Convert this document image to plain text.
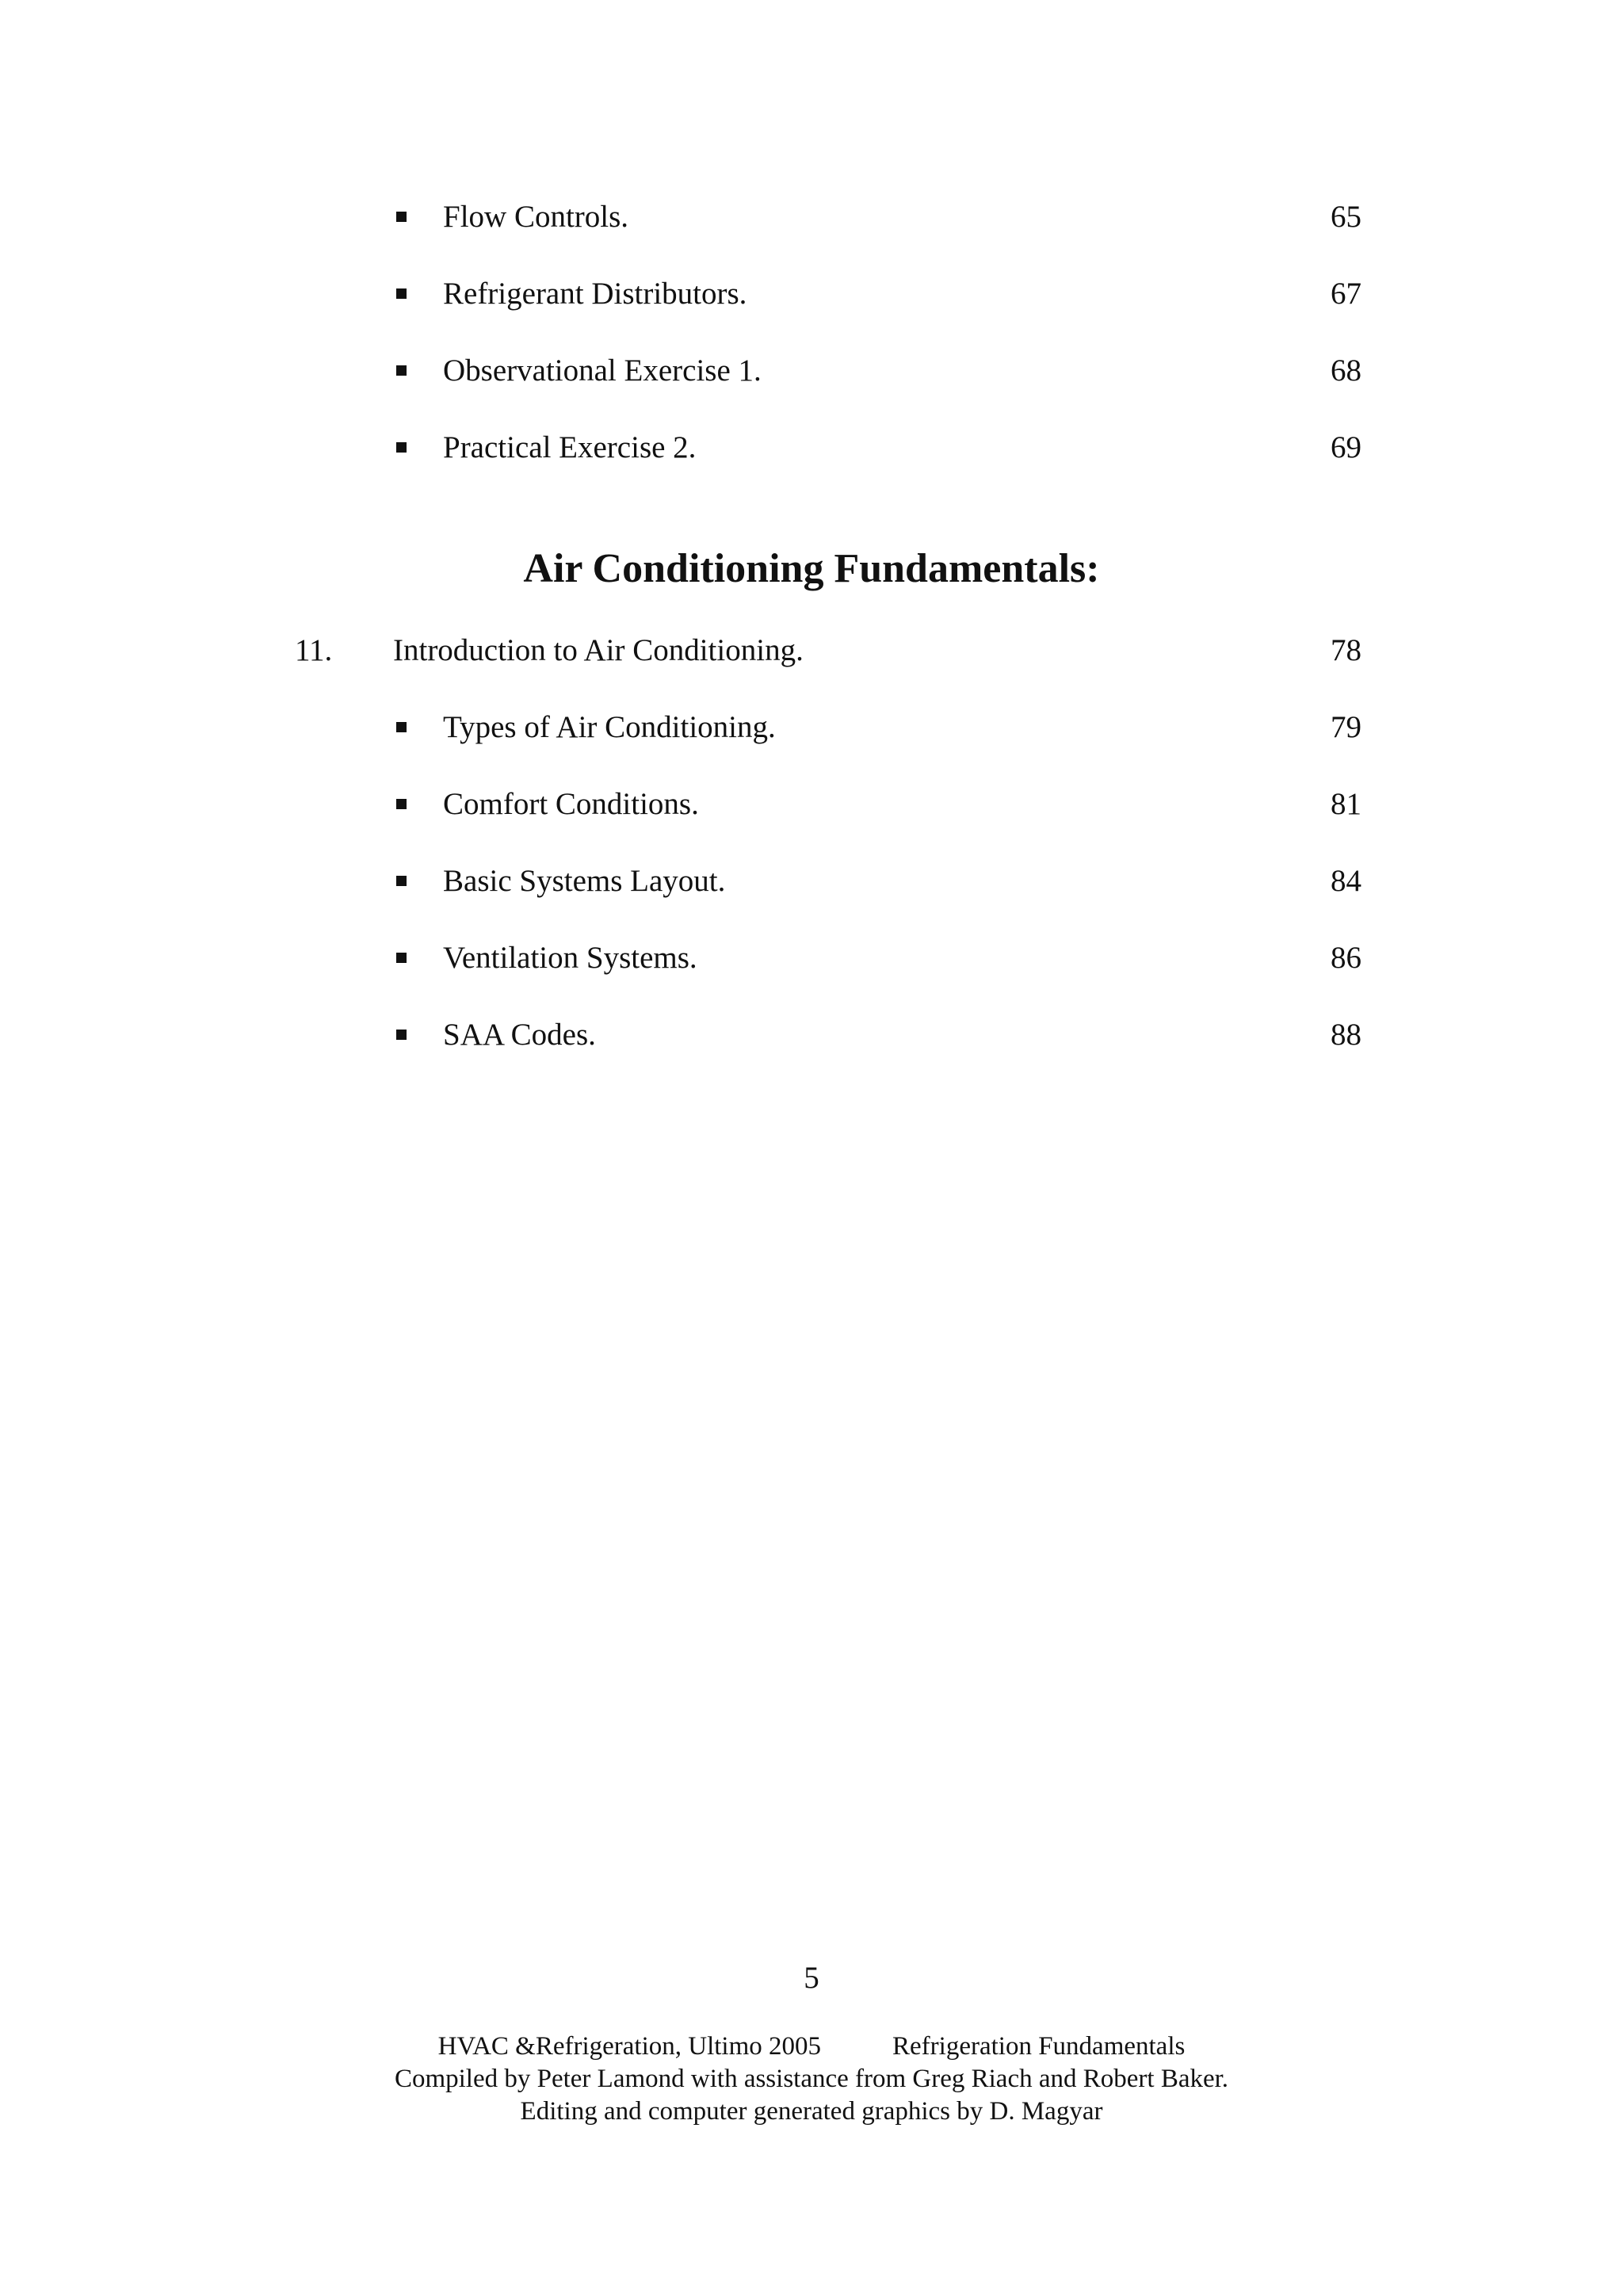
Flow Controls.	65
Refrigerant Distributors.	67
Observational Exercise 1.	68
Practical Exercise 2.	69
Air Conditioning Fundamentals:
11. Introduction to Air Conditioning.	78
Types of Air Conditioning.	79
Comfort Conditions.	81
Basic Systems Layout.	84
Ventilation Systems.	86
SAA Codes.	88
5
HVAC &Refrigeration, Ultimo 2005	Refrigeration Fundamentals
Compiled by Peter Lamond with assistance from Greg Riach and Robert Baker.
Editing and computer generated graphics by D. Magyar
